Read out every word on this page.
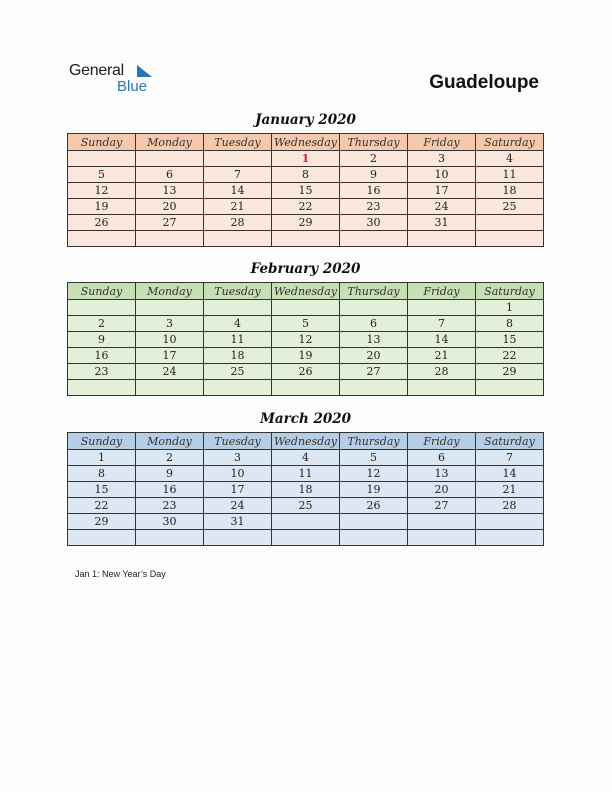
General
Blue	Guadeloupe
January 2020
Sunday	Monday	Tuesday	Wednesday	Thursday	Friday	Saturday
			1	2	3	4
5	6	7	8	9	10	11
12	13	14	15	16	17	18
19	20	21	22	23	24	25
26	27	28	29	30	31	

February 2020
Sunday	Monday	Tuesday	Wednesday	Thursday	Friday	Saturday
						1
2	3	4	5	6	7	8
9	10	11	12	13	14	15
16	17	18	19	20	21	22
23	24	25	26	27	28	29

March 2020
Sunday	Monday	Tuesday	Wednesday	Thursday	Friday	Saturday
1	2	3	4	5	6	7
8	9	10	11	12	13	14
15	16	17	18	19	20	21
22	23	24	25	26	27	28
29	30	31				

Jan 1: New Year’s Day
